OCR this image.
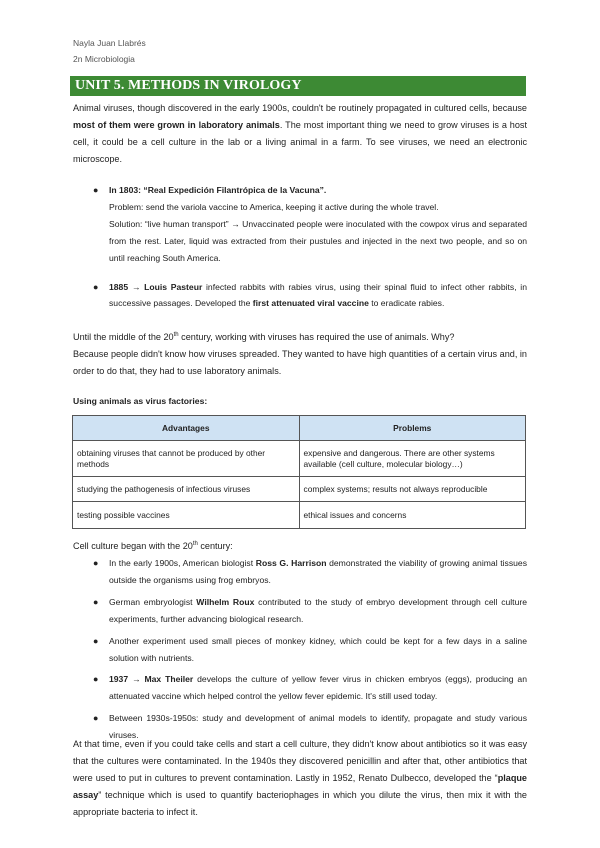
Nayla Juan Llabrés
2n Microbiologia
UNIT 5. METHODS IN VIROLOGY

Animal viruses, though discovered in the early 1900s, couldn't be routinely propagated in cultured cells, because most of them were grown in laboratory animals. The most important thing we need to grow viruses is a host cell, it could be a cell culture in the lab or a living animal in a farm. To see viruses, we need an electronic microscope.

● In 1803: “Real Expedición Filantrópica de la Vacuna”.
Problem: send the variola vaccine to America, keeping it active during the whole travel.
Solution: “live human transport” → Unvaccinated people were inoculated with the cowpox virus and separated from the rest. Later, liquid was extracted from their pustules and injected in the next two people, and so on until reaching South America.
● 1885 → Louis Pasteur infected rabbits with rabies virus, using their spinal fluid to infect other rabbits, in successive passages. Developed the first attenuated viral vaccine to eradicate rabies.

Until the middle of the 20th century, working with viruses has required the use of animals. Why?

Because people didn't know how viruses spreaded. They wanted to have high quantities of a certain virus and, in order to do that, they had to use laboratory animals.

Using animals as virus factories:
Advantages	Problems
obtaining viruses that cannot be produced by other methods	expensive and dangerous. There are other systems available (cell culture, molecular biology…)
studying the pathogenesis of infectious viruses	complex systems; results not always reproducible
testing possible vaccines	ethical issues and concerns

Cell culture began with the 20th century:

● In the early 1900s, American biologist Ross G. Harrison demonstrated the viability of growing animal tissues outside the organisms using frog embryos.
● German embryologist Wilhelm Roux contributed to the study of embryo development through cell culture experiments, further advancing biological research.
● Another experiment used small pieces of monkey kidney, which could be kept for a few days in a saline solution with nutrients.
● 1937 → Max Theiler develops the culture of yellow fever virus in chicken embryos (eggs), producing an attenuated vaccine which helped control the yellow fever epidemic. It's still used today.
● Between 1930s-1950s: study and development of animal models to identify, propagate and study various viruses.

At that time, even if you could take cells and start a cell culture, they didn't know about antibiotics so it was easy that the cultures were contaminated. In the 1940s they discovered penicillin and after that, other antibiotics that were used to put in cultures to prevent contamination. Lastly in 1952, Renato Dulbecco, developed the “plaque assay” technique which is used to quantify bacteriophages in which you dilute the virus, then mix it with the appropriate bacteria to infect it.
